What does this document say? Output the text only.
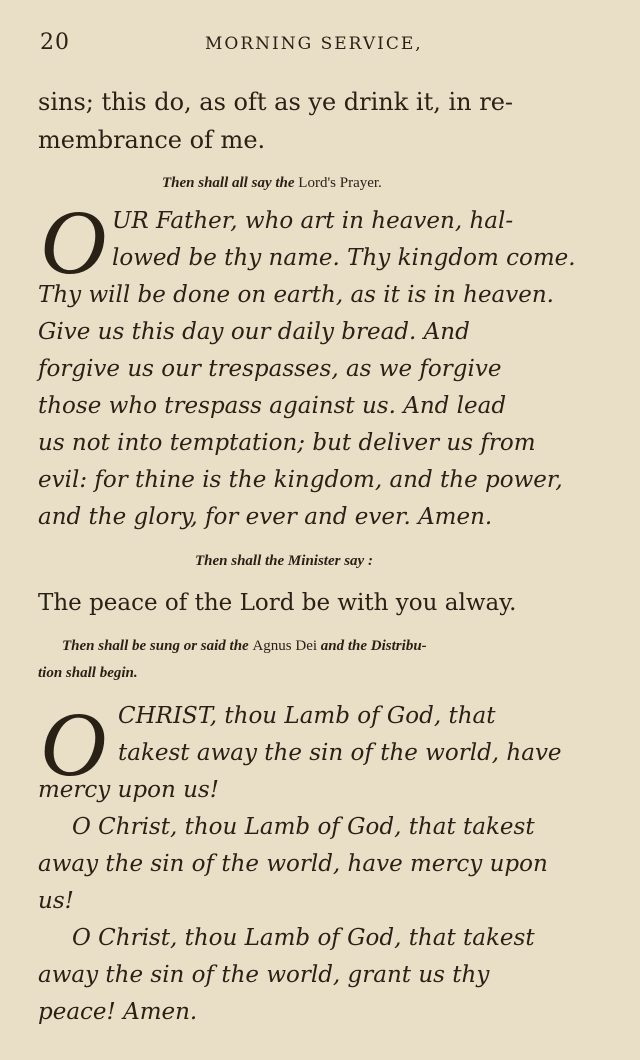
20	MORNING SERVICE,
sins; this do, as oft as ye drink it, in re-
membrance of me.
Then shall all say the Lord's Prayer.
O UR Father, who art in heaven, hal-
lowed be thy name. Thy kingdom come.
Thy will be done on earth, as it is in heaven.
Give us this day our daily bread. And
forgive us our trespasses, as we forgive
those who trespass against us. And lead
us not into temptation; but deliver us from
evil: for thine is the kingdom, and the power,
and the glory, for ever and ever. Amen.
Then shall the Minister say :
The peace of the Lord be with you alway.
Then shall be sung or said the Agnus Dei and the Distribu-
tion shall begin.
O CHRIST, thou Lamb of God, that
takest away the sin of the world, have
mercy upon us!
O Christ, thou Lamb of God, that takest
away the sin of the world, have mercy upon
us!
O Christ, thou Lamb of God, that takest
away the sin of the world, grant us thy
peace! Amen.
